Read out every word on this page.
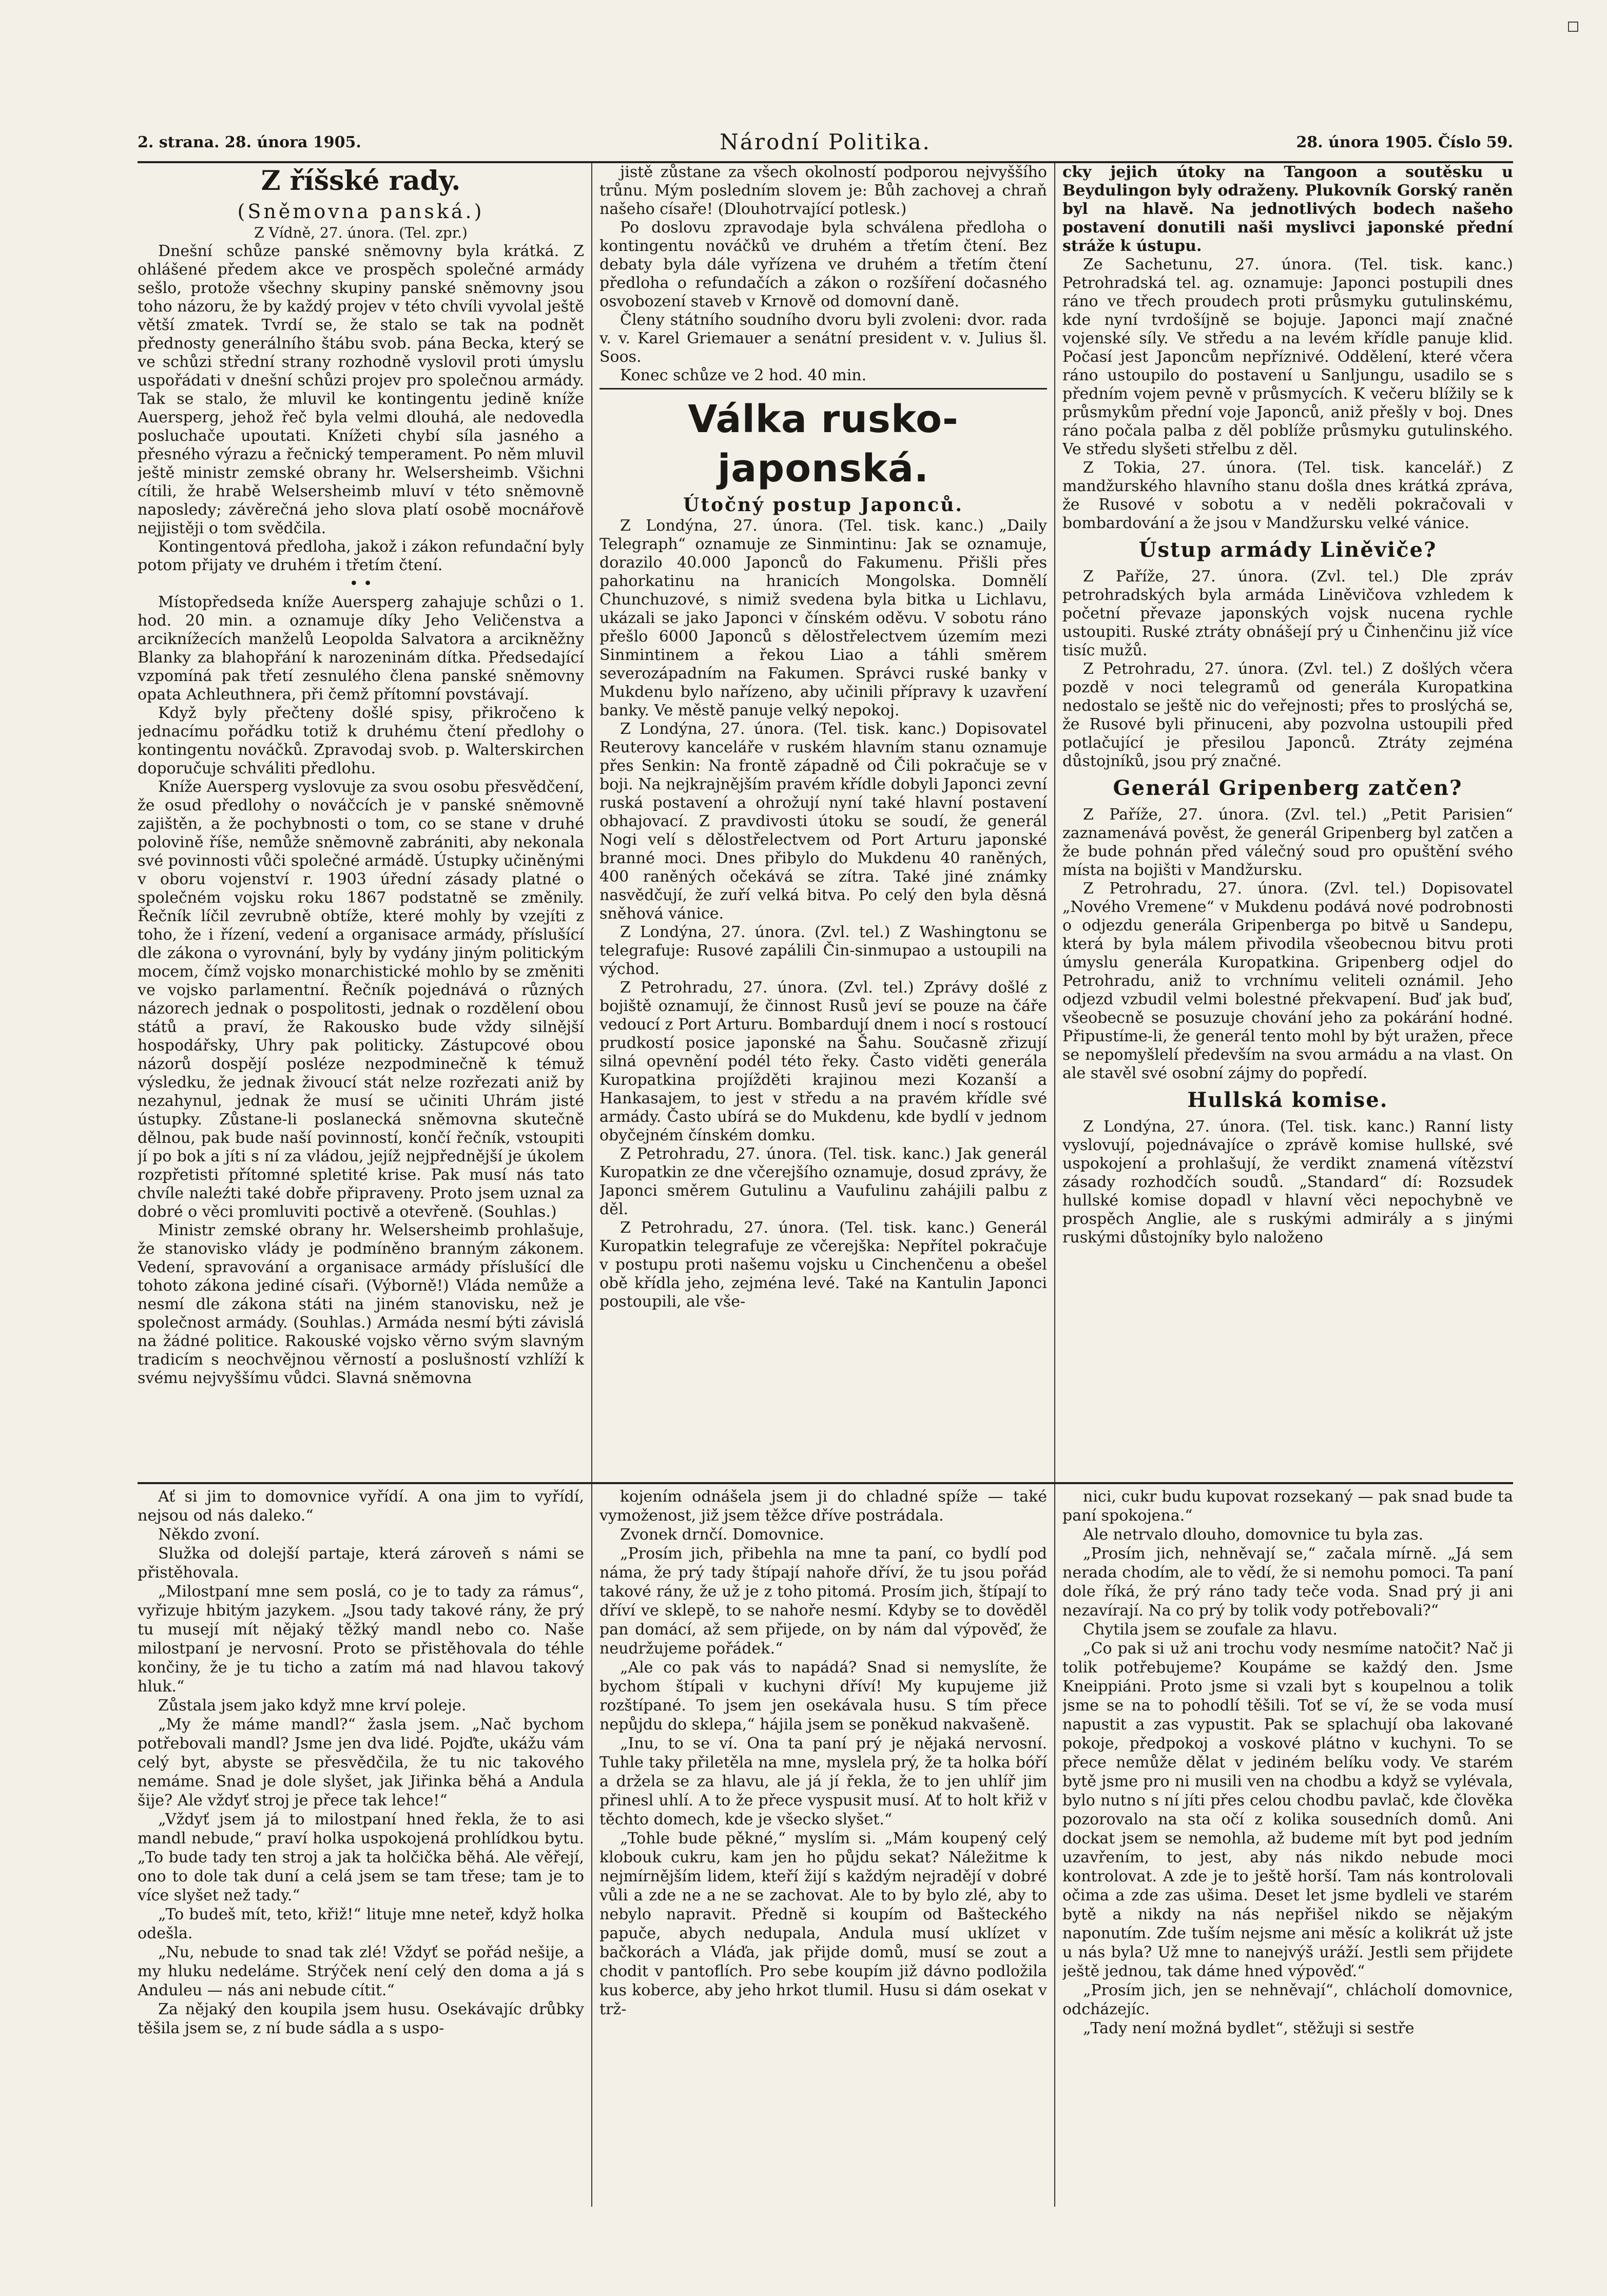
2. strana. 28. února 1905.	Národní Politika.	28. února 1905. Číslo 59.
Z říšské rady.
(Sněmovna panská.)
Z Vídně, 27. února. (Tel. zpr.)

Dnešní schůze panské sněmovny byla krátká. Z ohlášené předem akce ve prospěch společné armády sešlo, protože všechny skupiny panské sněmovny jsou toho názoru, že by každý projev v této chvíli vyvolal ještě větší zmatek. Tvrdí se, že stalo se tak na podnět přednosty generálního štábu svob. pána Becka, který se ve schůzi střední strany rozhodně vyslovil proti úmyslu uspořádati v dnešní schůzi projev pro společnou armády. Tak se stalo, že mluvil ke kontingentu jedině kníže Auersperg, jehož řeč byla velmi dlouhá, ale nedovedla posluchače upoutati. Knížeti chybí síla jasného a přesného výrazu a řečnický temperament. Po něm mluvil ještě ministr zemské obrany hr. Welsersheimb. Všichni cítili, že hrabě Welsersheimb mluví v této sněmovně naposledy; závěrečná jeho slova platí osobě mocnářově nejjistěji o tom svědčila.

Kontingentová předloha, jakož i zákon refundační byly potom přijaty ve druhém i třetím čtení.

• •

Místopředseda kníže Auersperg zahajuje schůzi o 1. hod. 20 min. a oznamuje díky Jeho Veličenstva a arciknížecích manželů Leopolda Salvatora a arcikněžny Blanky za blahopřání k narozeninám dítka. Předsedající vzpomíná pak třetí zesnulého člena panské sněmovny opata Achleuthnera, při čemž přítomní povstávají.

Když byly přečteny došlé spisy, přikročeno k jednacímu pořádku totiž k druhému čtení předlohy o kontingentu nováčků. Zpravodaj svob. p. Walterskirchen doporučuje schváliti předlohu.

Kníže Auersperg vyslovuje za svou osobu přesvědčení, že osud předlohy o nováčcích je v panské sněmovně zajištěn, a že pochybnosti o tom, co se stane v druhé polovině říše, nemůže sněmovně zabrániti, aby nekonala své povinnosti vůči společné armádě. Ústupky učiněnými v oboru vojenství r. 1903 úřední zásady platné o společném vojsku roku 1867 podstatně se změnily. Řečník líčil zevrubně obtíže, které mohly by vzejíti z toho, že i řízení, vedení a organisace armády, příslušící dle zákona o vyrovnání, byly by vydány jiným politickým mocem, čímž vojsko monarchistické mohlo by se změniti ve vojsko parlamentní. Řečník pojednává o různých názorech jednak o pospolitosti, jednak o rozdělení obou států a praví, že Rakousko bude vždy silnější hospodářsky, Uhry pak politicky. Zástupcové obou názorů dospějí posléze nezpodminečně k témuž výsledku, že jednak živoucí stát nelze rozřezati aniž by nezahynul, jednak že musí se učiniti Uhrám jisté ústupky. Zůstane-li poslanecká sněmovna skutečně dělnou, pak bude naší povinností, končí řečník, vstoupiti jí po bok a jíti s ní za vládou, jejíž nejpřednější je úkolem rozpřetisti přítomné spletité krise. Pak musí nás tato chvíle naleźti také dobře připraveny. Proto jsem uznal za dobré o věci promluviti poctivě a otevřeně. (Souhlas.)

Ministr zemské obrany hr. Welsersheimb prohlašuje, že stanovisko vlády je podmíněno branným zákonem. Vedení, spravování a organisace armády příslušící dle tohoto zákona jediné císaři. (Výborně!) Vláda nemůže a nesmí dle zákona státi na jiném stanovisku, než je společnost armády. (Souhlas.) Armáda nesmí býti závislá na žádné politice. Rakouské vojsko věrno svým slavným tradicím s neochvějnou věrností a poslušností vzhlíží k svému nejvyššímu vůdci. Slavná sněmovna

jistě zůstane za všech okolností podporou nejvyššího trůnu. Mým posledním slovem je: Bůh zachovej a chraň našeho císaře! (Dlouhotrvající potlesk.)

Po doslovu zpravodaje byla schválena předloha o kontingentu nováčků ve druhém a třetím čtení. Bez debaty byla dále vyřízena ve druhém a třetím čtení předloha o refundačích a zákon o rozšíření dočasného osvobození staveb v Krnově od domovní daně.

Členy státního soudního dvoru byli zvoleni: dvor. rada v. v. Karel Griemauer a senátní president v. v. Julius šl. Soos.

Konec schůze ve 2 hod. 40 min.

Válka rusko-japonská.
Útočný postup Japonců.

Z Londýna, 27. února. (Tel. tisk. kanc.) „Daily Telegraph“ oznamuje ze Sinmintinu: Jak se oznamuje, dorazilo 40.000 Japonců do Fakumenu. Přišli přes pahorkatinu na hranicích Mongolska. Domnělí Chunchuzové, s nimiž svedena byla bitka u Lichlavu, ukázali se jako Japonci v čínském oděvu. V sobotu ráno přešlo 6000 Japonců s dělostřelectvem územím mezi Sinmintinem a řekou Liao a táhli směrem severozápadním na Fakumen. Správci ruské banky v Mukdenu bylo nařízeno, aby učinili přípravy k uzavření banky. Ve městě panuje velký nepokoj.

Z Londýna, 27. února. (Tel. tisk. kanc.) Dopisovatel Reuterovy kanceláře v ruském hlavním stanu oznamuje přes Senkin: Na frontě západně od Čili pokračuje se v boji. Na nejkrajnějším pravém křídle dobyli Japonci zevní ruská postavení a ohrožují nyní také hlavní postavení obhajovací. Z pravdivosti útoku se soudí, že generál Nogi velí s dělostřelectvem od Port Arturu japonské branné moci. Dnes přibylo do Mukdenu 40 raněných, 400 raněných očekává se zítra. Také jiné známky nasvědčují, že zuří velká bitva. Po celý den byla děsná sněhová vánice.

Z Londýna, 27. února. (Zvl. tel.) Z Washingtonu se telegrafuje: Rusové zapálili Čin-sinmupao a ustoupili na východ.

Z Petrohradu, 27. února. (Zvl. tel.) Zprávy došlé z bojiště oznamují, že činnost Rusů jeví se pouze na čáře vedoucí z Port Arturu. Bombardují dnem i nocí s rostoucí prudkostí posice japonské na Šahu. Současně zřizují silná opevnění podél této řeky. Často viděti generála Kuropatkina projížděti krajinou mezi Kozanší a Hankasajem, to jest v středu a na pravém křídle své armády. Často ubírá se do Mukdenu, kde bydlí v jednom obyčejném čínském domku.

Z Petrohradu, 27. února. (Tel. tisk. kanc.) Jak generál Kuropatkin ze dne včerejšího oznamuje, dosud zprávy, že Japonci směrem Gutulinu a Vaufulinu zahájili palbu z děl.

Z Petrohradu, 27. února. (Tel. tisk. kanc.) Generál Kuropatkin telegrafuje ze včerejška: Nepřítel pokračuje v postupu proti našemu vojsku u Cinchenčenu a obešel obě křídla jeho, zejména levé. Také na Kantulin Japonci postoupili, ale vše-

cky jejich útoky na Tangoon a soutěsku u Beydulingon byly odraženy. Plukovník Gorský raněn byl na hlavě. Na jednotlivých bodech našeho postavení donutili naši myslivci japonské přední stráže k ústupu.

Ze Sachetunu, 27. února. (Tel. tisk. kanc.) Petrohradská tel. ag. oznamuje: Japonci postupili dnes ráno ve třech proudech proti průsmyku gutulinskému, kde nyní tvrdošíjně se bojuje. Japonci mají značné vojenské síly. Ve středu a na levém křídle panuje klid. Počasí jest Japoncům nepříznivé. Oddělení, které včera ráno ustoupilo do postavení u Sanljungu, usadilo se s předním vojem pevně v průsmycích. K večeru blížily se k průsmykům přední voje Japonců, aniž přešly v boj. Dnes ráno počala palba z děl poblíže průsmyku gutulinského. Ve středu slyšeti střelbu z děl.

Z Tokia, 27. února. (Tel. tisk. kancelář.) Z mandžurského hlavního stanu došla dnes krátká zpráva, že Rusové v sobotu a v neděli pokračovali v bombardování a že jsou v Mandžursku velké vánice.

Ústup armády Liněviče?

Z Paříže, 27. února. (Zvl. tel.) Dle zpráv petrohradských byla armáda Liněvičova vzhledem k početní převaze japonských vojsk nucena rychle ustoupiti. Ruské ztráty obnášejí prý u Činhenčinu již více tisíc mužů.

Z Petrohradu, 27. února. (Zvl. tel.) Z došlých včera pozdě v noci telegramů od generála Kuropatkina nedostalo se ještě nic do veřejnosti; přes to proslýchá se, že Rusové byli přinuceni, aby pozvolna ustoupili před potlačující je přesilou Japonců. Ztráty zejména důstojníků, jsou prý značné.

Generál Gripenberg zatčen?

Z Paříže, 27. února. (Zvl. tel.) „Petit Parisien“ zaznamenává pověst, že generál Gripenberg byl zatčen a že bude pohnán před válečný soud pro opuštění svého místa na bojišti v Mandžursku.

Z Petrohradu, 27. února. (Zvl. tel.) Dopisovatel „Nového Vremene“ v Mukdenu podává nové podrobnosti o odjezdu generála Gripenberga po bitvě u Sandepu, která by byla málem přivodila všeobecnou bitvu proti úmyslu generála Kuropatkina. Gripenberg odjel do Petrohradu, aniž to vrchnímu veliteli oznámil. Jeho odjezd vzbudil velmi bolestné překvapení. Buď jak buď, všeobecně se posuzuje chování jeho za pokárání hodné. Připustíme-li, že generál tento mohl by být uražen, přece se nepomyšlelí především na svou armádu a na vlast. On ale stavěl své osobní zájmy do popředí.

Hullská komise.

Z Londýna, 27. února. (Tel. tisk. kanc.) Ranní listy vyslovují, pojednávajíce o zprávě komise hullské, své uspokojení a prohlašují, že verdikt znamená vítězství zásady rozhodčích soudů. „Standard“ dí: Rozsudek hullské komise dopadl v hlavní věci nepochybně ve prospěch Anglie, ale s ruskými admirály a s jinými ruskými důstojníky bylo naloženo

Ať si jim to domovnice vyřídí. A ona jim to vyřídí, nejsou od nás daleko.“

Někdo zvoní.

Služka od dolejší partaje, která zároveň s námi se přistěhovala.

„Milostpaní mne sem poslá, co je to tady za rámus“, vyřizuje hbitým jazykem. „Jsou tady takové rány, že prý tu musejí mít nějaký těžký mandl nebo co. Naše milostpaní je nervosní. Proto se přistěhovala do téhle končiny, že je tu ticho a zatím má nad hlavou takový hluk.“

Zůstala jsem jako když mne krví poleje.

„My že máme mandl?“ žasla jsem. „Nač bychom potřebovali mandl? Jsme jen dva lidé. Pojďte, ukážu vám celý byt, abyste se přesvědčila, že tu nic takového nemáme. Snad je dole slyšet, jak Jiřinka běhá a Andula šije? Ale vždyť stroj je přece tak lehce!“

„Vždyť jsem já to milostpaní hned řekla, že to asi mandl nebude,“ praví holka uspokojená prohlídkou bytu. „To bude tady ten stroj a jak ta holčička běhá. Ale věřejí, ono to dole tak duní a celá jsem se tam třese; tam je to více slyšet než tady.“

„To budeš mít, teto, křiž!“ lituje mne neteř, když holka odešla.

„Nu, nebude to snad tak zlé! Vždyť se pořád nešije, a my hluku nedeláme. Strýček není celý den doma a já s Anduleu — nás ani nebude cítit.“

Za nějaký den koupila jsem husu. Osekávajíc drůbky těšila jsem se, z ní bude sádla a s uspo-

kojením odnášela jsem ji do chladné spíže — také vymoženost, již jsem těžce dříve postrádala.

Zvonek drnčí. Domovnice.

„Prosím jich, přibehla na mne ta paní, co bydlí pod náma, že prý tady štípají nahoře dříví, že tu jsou pořád takové rány, že už je z toho pitomá. Prosím jich, štípají to dříví ve sklepě, to se nahoře nesmí. Kdyby se to dověděl pan domácí, až sem přijede, on by nám dal výpověď, že neudržujeme pořádek.“

„Ale co pak vás to napádá? Snad si nemyslíte, že bychom štípali v kuchyni dříví! My kupujeme již rozštípané. To jsem jen osekávala husu. S tím přece nepůjdu do sklepa,“ hájila jsem se poněkud nakvašeně.

„Inu, to se ví. Ona ta paní prý je nějaká nervosní. Tuhle taky přiletěla na mne, myslela prý, že ta holka bóří a držela se za hlavu, ale já jí řekla, že to jen uhlíř jim přinesl uhlí. A to že přece vyspusit musí. Ať to holt křiž v těchto domech, kde je všecko slyšet.“

„Tohle bude pěkné,“ myslím si. „Mám koupený celý klobouk cukru, kam jen ho půjdu sekat? Náležitme k nejmírnějším lidem, kteří žijí s každým nejradějí v dobré vůli a zde ne a ne se zachovat. Ale to by bylo zlé, aby to nebylo napravit. Předně si koupím od Bašteckého papuče, abych nedupala, Andula musí uklízet v bačkorách a Vláďa, jak přijde domů, musí se zout a chodit v pantoflích. Pro sebe koupím již dávno podložila kus koberce, aby jeho hrkot tlumil. Husu si dám osekat v trž-

nici, cukr budu kupovat rozsekaný — pak snad bude ta paní spokojena.“

Ale netrvalo dlouho, domovnice tu byla zas.

„Prosím jich, nehněvají se,“ začala mírně. „Já sem nerada chodím, ale to vědí, že si nemohu pomoci. Ta paní dole říká, že prý ráno tady teče voda. Snad prý ji ani nezavírají. Na co prý by tolik vody potřebovali?“

Chytila jsem se zoufale za hlavu.

„Co pak si už ani trochu vody nesmíme natočit? Nač ji tolik potřebujeme? Koupáme se každý den. Jsme Kneippiáni. Proto jsme si vzali byt s koupelnou a tolik jsme se na to pohodlí těšili. Toť se ví, že se voda musí napustit a zas vypustit. Pak se splachují oba lakované pokoje, předpokoj a voskové plátno v kuchyni. To se přece nemůže dělat v jediném belíku vody. Ve starém bytě jsme pro ni musili ven na chodbu a když se vylévala, bylo nutno s ní jíti přes celou chodbu pavlač, kde člověka pozorovalo na sta očí z kolika sousedních domů. Ani dockat jsem se nemohla, až budeme mít byt pod jedním uzavřením, to jest, aby nás nikdo nebude moci kontrolovat. A zde je to ještě horší. Tam nás kontrolovali očima a zde zas ušima. Deset let jsme bydleli ve starém bytě a nikdy na nás nepřišel nikdo se nějakým naponutím. Zde tuším nejsme ani měsíc a kolikrát už jste u nás byla? Už mne to nanejvýš uráží. Jestli sem přijdete ještě jednou, tak dáme hned výpověď.“

„Prosím jich, jen se nehněvají“, chlácholí domovnice, odcházejíc.

„Tady není možná bydlet“, stěžuji si sestře
